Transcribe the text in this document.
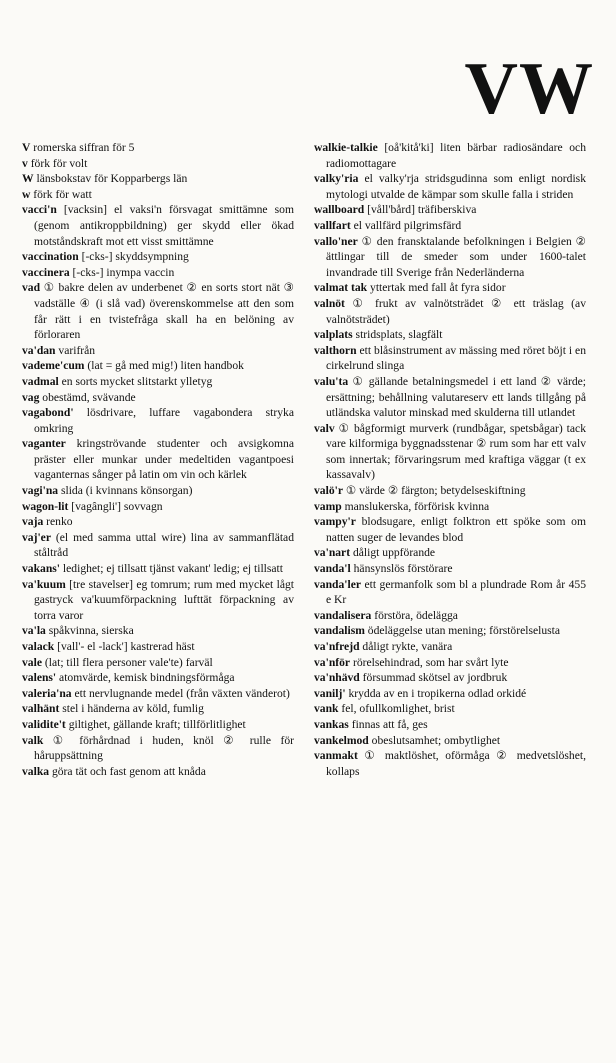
VW

V romerska siffran för 5

v förk för volt

W länsbokstav för Kopparbergs län

w förk för watt

vacci'n [vacksin] el vaksi'n försvagat smittämne som (genom antikroppbildning) ger skydd eller ökad motståndskraft mot ett visst smittämne

vaccination [-cks-] skyddsympning

vaccinera [-cks-] inympa vaccin

vad ① bakre delen av underbenet ② en sorts stort nät ③ vadställe ④ (i slå vad) överenskommelse att den som får rätt i en tvistefråga skall ha en belöning av förloraren

va'dan varifrån

vademe'cum (lat = gå med mig!) liten handbok

vadmal en sorts mycket slitstarkt ylletyg

vag obestämd, svävande

vagabond' lösdrivare, luffare vagabondera stryka omkring

vaganter kringströvande studenter och avsigkomna präster eller munkar under medeltiden vagantpoesi vaganternas sånger på latin om vin och kärlek

vagi'na slida (i kvinnans könsorgan)

wagon-lit [vagângli'] sovvagn

vaja renko

vaj'er (el med samma uttal wire) lina av sammanflätad ståltråd

vakans' ledighet; ej tillsatt tjänst vakant' ledig; ej tillsatt

va'kuum [tre stavelser] eg tomrum; rum med mycket lågt gastryck va'kuumförpackning lufttät förpackning av torra varor

va'la spåkvinna, sierska

valack [vall'- el -lack'] kastrerad häst

vale (lat; till flera personer vale'te) farväl

valens' atomvärde, kemisk bindningsförmåga

valeria'na ett nervlugnande medel (från växten vänderot)

valhänt stel i händerna av köld, fumlig

validite't giltighet, gällande kraft; tillförlitlighet

valk ① förhårdnad i huden, knöl ② rulle för håruppsättning

valka göra tät och fast genom att knåda

walkie-talkie [oå'kitå'ki] liten bärbar radiosändare och radiomottagare

valky'ria el valky'rja stridsgudinna som enligt nordisk mytologi utvalde de kämpar som skulle falla i striden

wallboard [våll'bård] träfiberskiva

vallfart el vallfärd pilgrimsfärd

vallo'ner ① den fransktalande befolkningen i Belgien ② ättlingar till de smeder som under 1600-talet invandrade till Sverige från Nederländerna

valmat tak yttertak med fall åt fyra sidor

valnöt ① frukt av valnötsträdet ② ett träslag (av valnötsträdet)

valplats stridsplats, slagfält

valthorn ett blåsinstrument av mässing med röret böjt i en cirkelrund slinga

valu'ta ① gällande betalningsmedel i ett land ② värde; ersättning; behållning valutareserv ett lands tillgång på utländska valutor minskad med skulderna till utlandet

valv ① bågformigt murverk (rundbågar, spetsbågar) tack vare kilformiga byggnadsstenar ② rum som har ett valv som innertak; förvaringsrum med kraftiga väggar (t ex kassavalv)

valö'r ① värde ② färgton; betydelseskiftning

vamp manslukerska, förförisk kvinna

vampy'r blodsugare, enligt folktron ett spöke som om natten suger de levandes blod

va'nart dåligt uppförande

vanda'l hänsynslös förstörare

vanda'ler ett germanfolk som bl a plundrade Rom år 455 e Kr

vandalisera förstöra, ödelägga

vandalism ödeläggelse utan mening; förstörelselusta

va'nfrejd dåligt rykte, vanära

va'nför rörelsehindrad, som har svårt lyte

va'nhävd försummad skötsel av jordbruk

vanilj' krydda av en i tropikerna odlad orkidé

vank fel, ofullkomlighet, brist

vankas finnas att få, ges

vankelmod obeslutsamhet; ombytlighet

vanmakt ① maktlöshet, oförmåga ② medvetslöshet, kollaps
